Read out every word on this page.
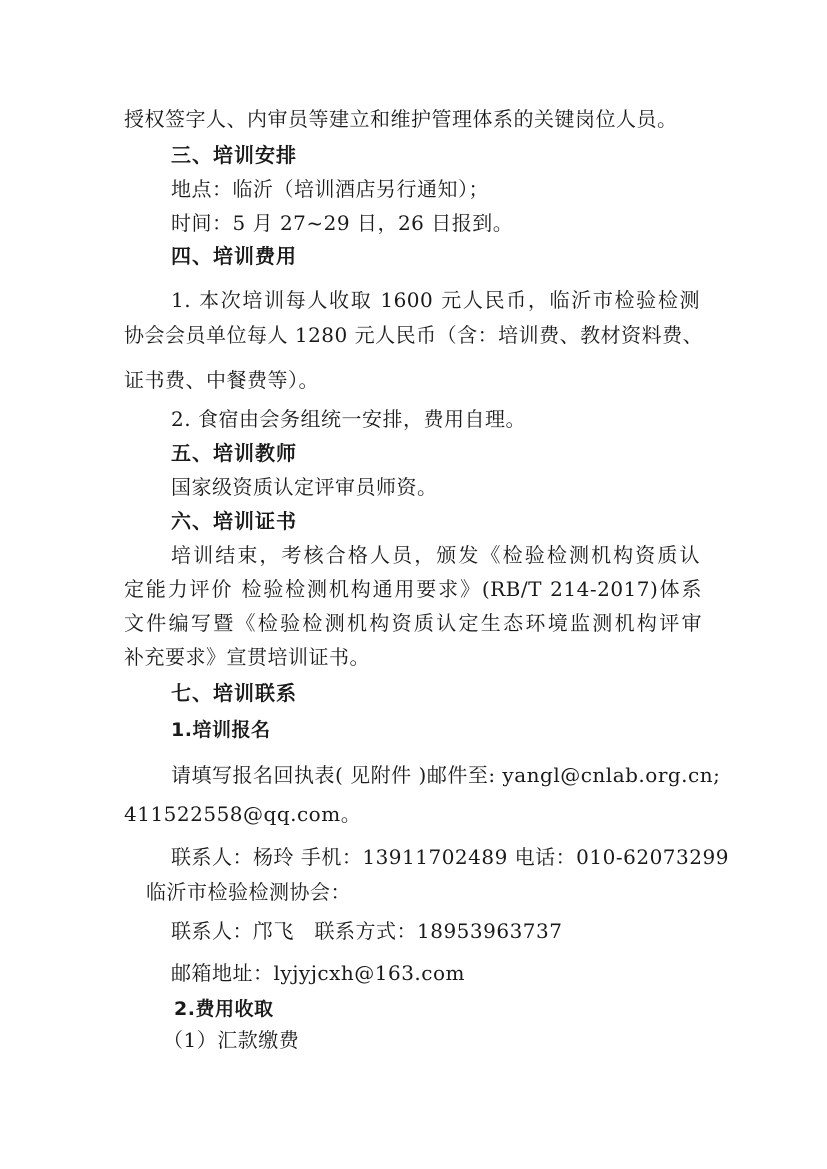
授权签字人、内审员等建立和维护管理体系的关键岗位人员。
三、培训安排
地点：临沂（培训酒店另行通知）；
时间：5 月 27~29 日，26 日报到。
四、培训费用
1. 本次培训每人收取 1600 元人民币，临沂市检验检测
协会会员单位每人 1280 元人民币（含：培训费、教材资料费、
证书费、中餐费等）。
2. 食宿由会务组统一安排，费用自理。
五、培训教师
国家级资质认定评审员师资。
六、培训证书
培训结束，考核合格人员，颁发《检验检测机构资质认
定能力评价 检验检测机构通用要求》(RB/T 214-2017)体系
文件编写暨《检验检测机构资质认定生态环境监测机构评审
补充要求》宣贯培训证书。
七、培训联系
1.培训报名
请填写报名回执表( 见附件 )邮件至: yangl@cnlab.org.cn;
411522558@qq.com。
联系人：杨玲 手机：13911702489 电话：010-62073299
临沂市检验检测协会：
联系人：邝飞　联系方式：18953963737
邮箱地址：lyjyjcxh@163.com
2.费用收取
（1）汇款缴费
